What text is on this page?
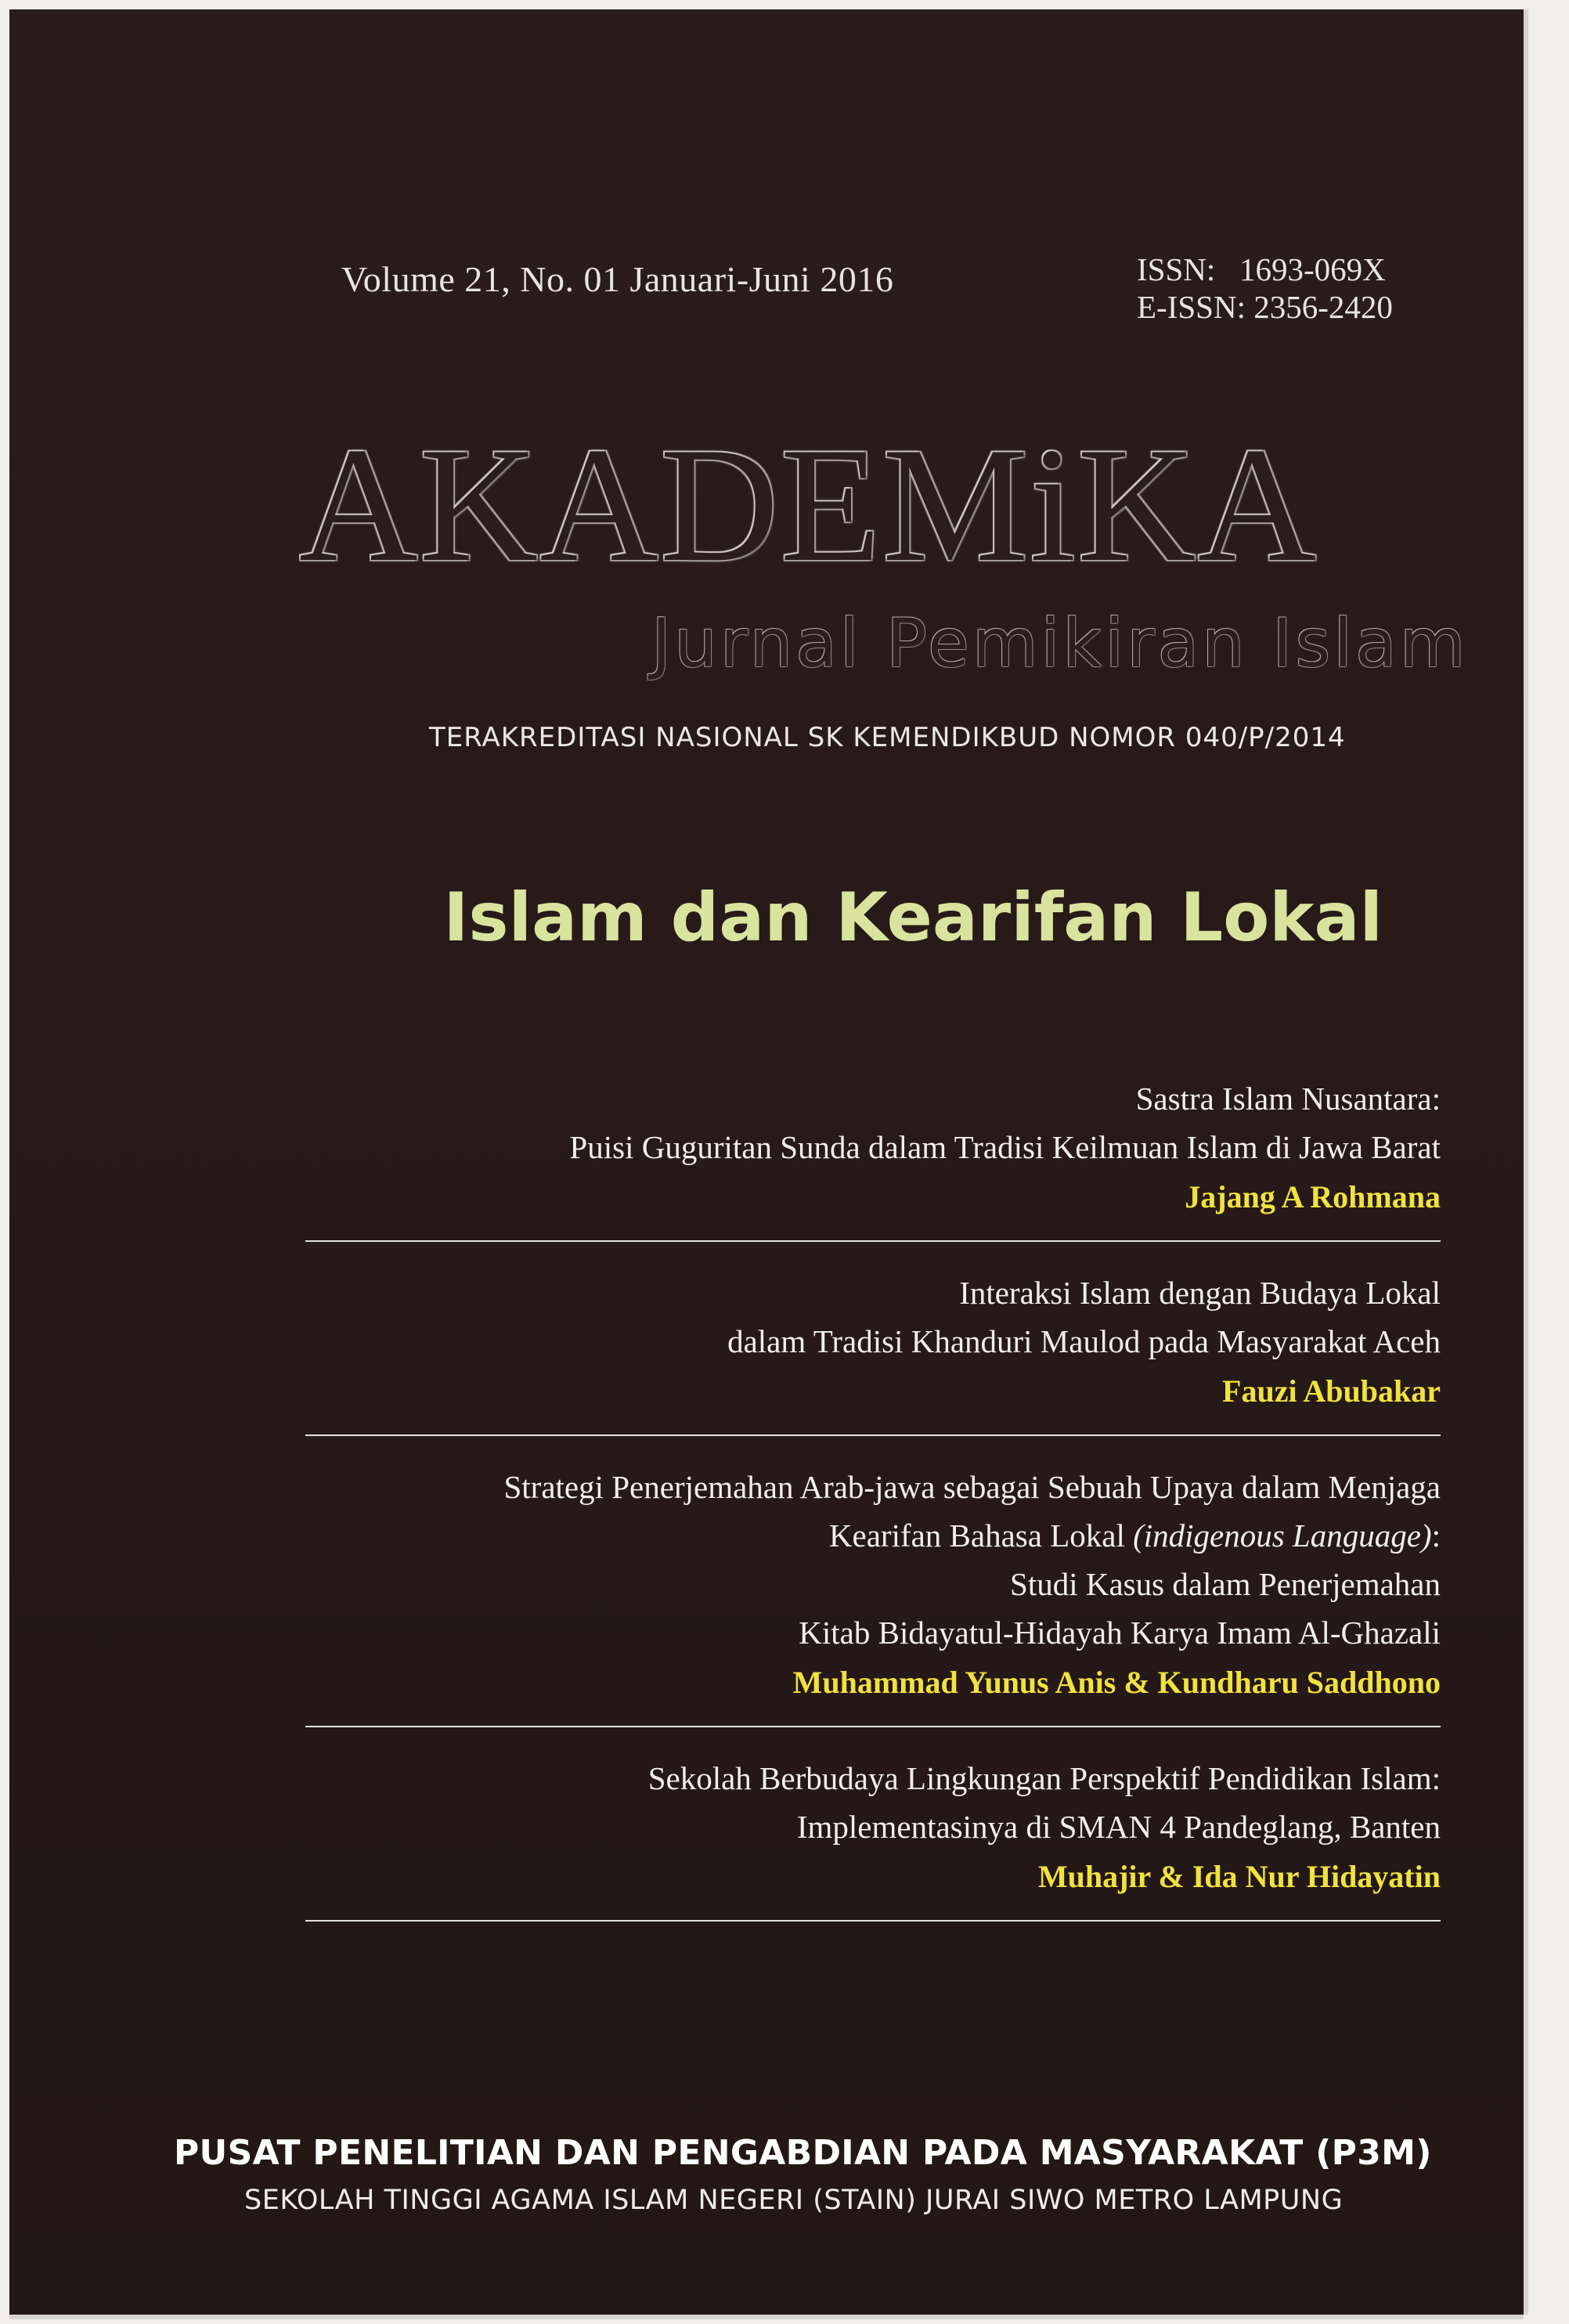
Volume 21, No. 01 Januari-Juni 2016	ISSN:   1693-069X
E-ISSN: 2356-2420
AKADEMiKA
Jurnal Pemikiran Islam
TERAKREDITASI NASIONAL SK KEMENDIKBUD NOMOR 040/P/2014
Islam dan Kearifan Lokal
Sastra Islam Nusantara:
Puisi Guguritan Sunda dalam Tradisi Keilmuan Islam di Jawa Barat
Jajang A Rohmana
Interaksi Islam dengan Budaya Lokal
dalam Tradisi Khanduri Maulod pada Masyarakat Aceh
Fauzi Abubakar
Strategi Penerjemahan Arab-jawa sebagai Sebuah Upaya dalam Menjaga
Kearifan Bahasa Lokal (indigenous Language):
Studi Kasus dalam Penerjemahan
Kitab Bidayatul-Hidayah Karya Imam Al-Ghazali
Muhammad Yunus Anis & Kundharu Saddhono
Sekolah Berbudaya Lingkungan Perspektif Pendidikan Islam:
Implementasinya di SMAN 4 Pandeglang, Banten
Muhajir & Ida Nur Hidayatin
PUSAT PENELITIAN DAN PENGABDIAN PADA MASYARAKAT (P3M)
SEKOLAH TINGGI AGAMA ISLAM NEGERI (STAIN) JURAI SIWO METRO LAMPUNG
